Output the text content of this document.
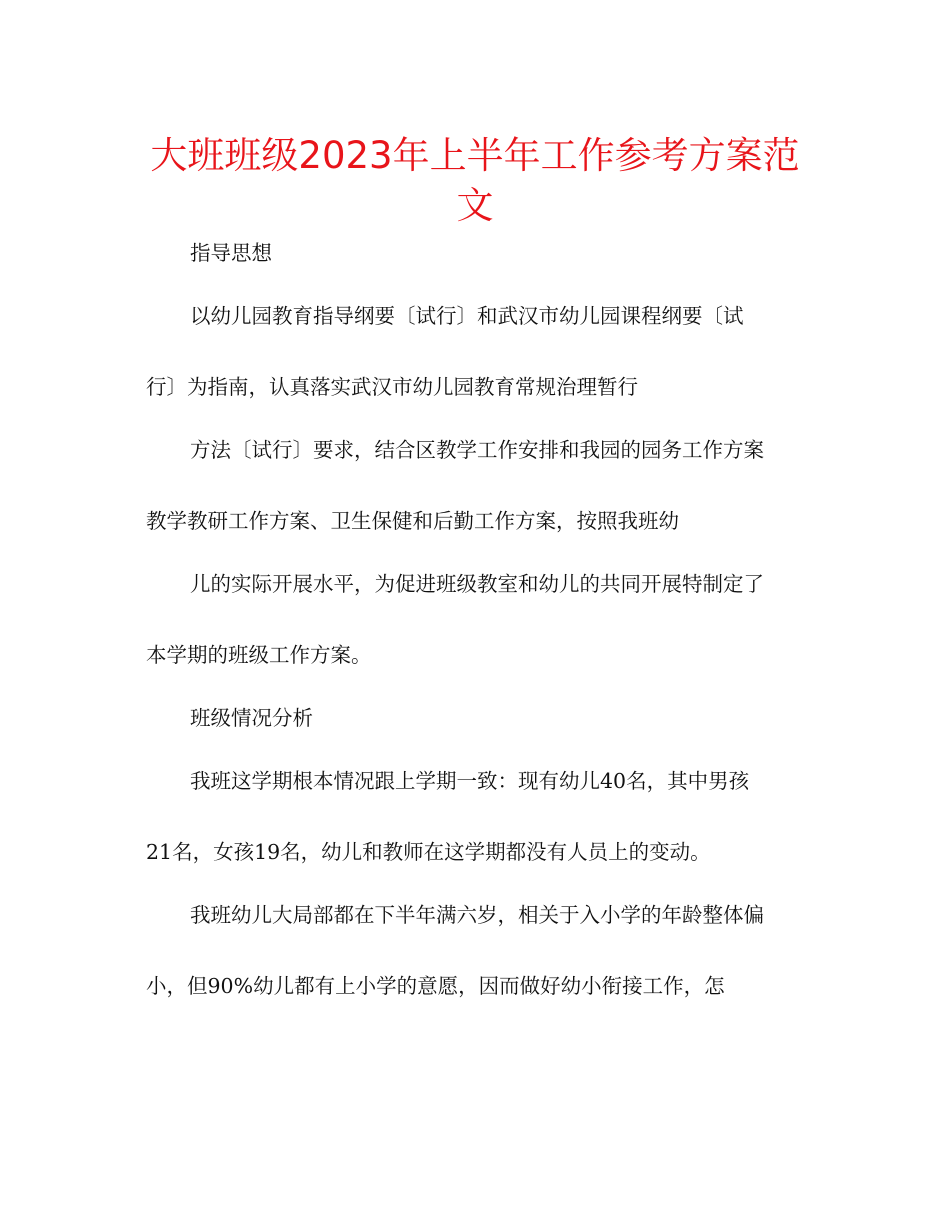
大班班级2023年上半年工作参考方案范
文

指导思想

以幼儿园教育指导纲要〔试行〕和武汉市幼儿园课程纲要〔试

行〕为指南，认真落实武汉市幼儿园教育常规治理暂行

方法〔试行〕要求，结合区教学工作安排和我园的园务工作方案

教学教研工作方案、卫生保健和后勤工作方案，按照我班幼

儿的实际开展水平，为促进班级教室和幼儿的共同开展特制定了

本学期的班级工作方案。

班级情况分析

我班这学期根本情况跟上学期一致：现有幼儿40名，其中男孩

21名，女孩19名，幼儿和教师在这学期都没有人员上的变动。

我班幼儿大局部都在下半年满六岁，相关于入小学的年龄整体偏

小，但90%幼儿都有上小学的意愿，因而做好幼小衔接工作，怎
